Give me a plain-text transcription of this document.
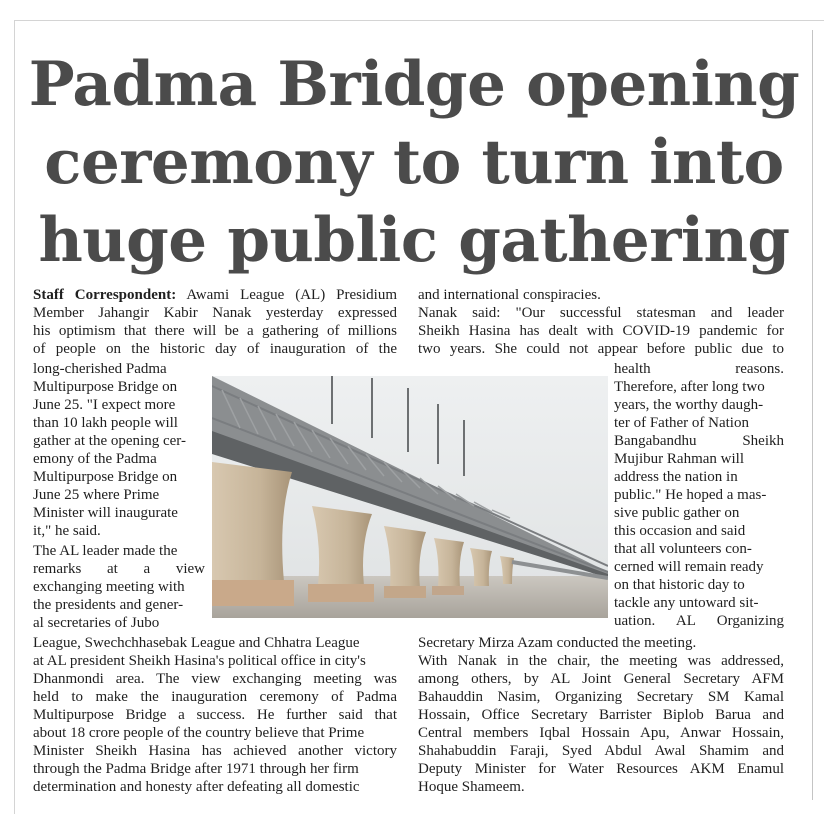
Padma Bridge opening
ceremony to turn into
huge public gathering
Staff Correspondent: Awami League (AL) Presidium
Member Jahangir Kabir Nanak yesterday expressed
his optimism that there will be a gathering of millions
of people on the historic day of inauguration of the
long-cherished Padma
Multipurpose Bridge on
June 25. "I expect more
than 10 lakh people will
gather at the opening cer-
emony of the Padma
Multipurpose Bridge on
June 25 where Prime
Minister will inaugurate
it," he said.
The AL leader made the
remarks at a view
exchanging meeting with
the presidents and gener-
al secretaries of Jubo
League, Swechchhasebak League and Chhatra League
at AL president Sheikh Hasina's political office in city's
Dhanmondi area. The view exchanging meeting was
held to make the inauguration ceremony of Padma
Multipurpose Bridge a success. He further said that
about 18 crore people of the country believe that Prime
Minister Sheikh Hasina has achieved another victory
through the Padma Bridge after 1971 through her firm
determination and honesty after defeating all domestic
and international conspiracies.
Nanak said: "Our successful statesman and leader
Sheikh Hasina has dealt with COVID-19 pandemic for
two years. She could not appear before public due to
health reasons.
Therefore, after long two
years, the worthy daugh-
ter of Father of Nation
Bangabandhu Sheikh
Mujibur Rahman will
address the nation in
public." He hoped a mas-
sive public gather on
this occasion and said
that all volunteers con-
cerned will remain ready
on that historic day to
tackle any untoward sit-
uation. AL Organizing
Secretary Mirza Azam conducted the meeting.
With Nanak in the chair, the meeting was addressed,
among others, by AL Joint General Secretary AFM
Bahauddin Nasim, Organizing Secretary SM Kamal
Hossain, Office Secretary Barrister Biplob Barua and
Central members Iqbal Hossain Apu, Anwar Hossain,
Shahabuddin Faraji, Syed Abdul Awal Shamim and
Deputy Minister for Water Resources AKM Enamul
Hoque Shameem.
